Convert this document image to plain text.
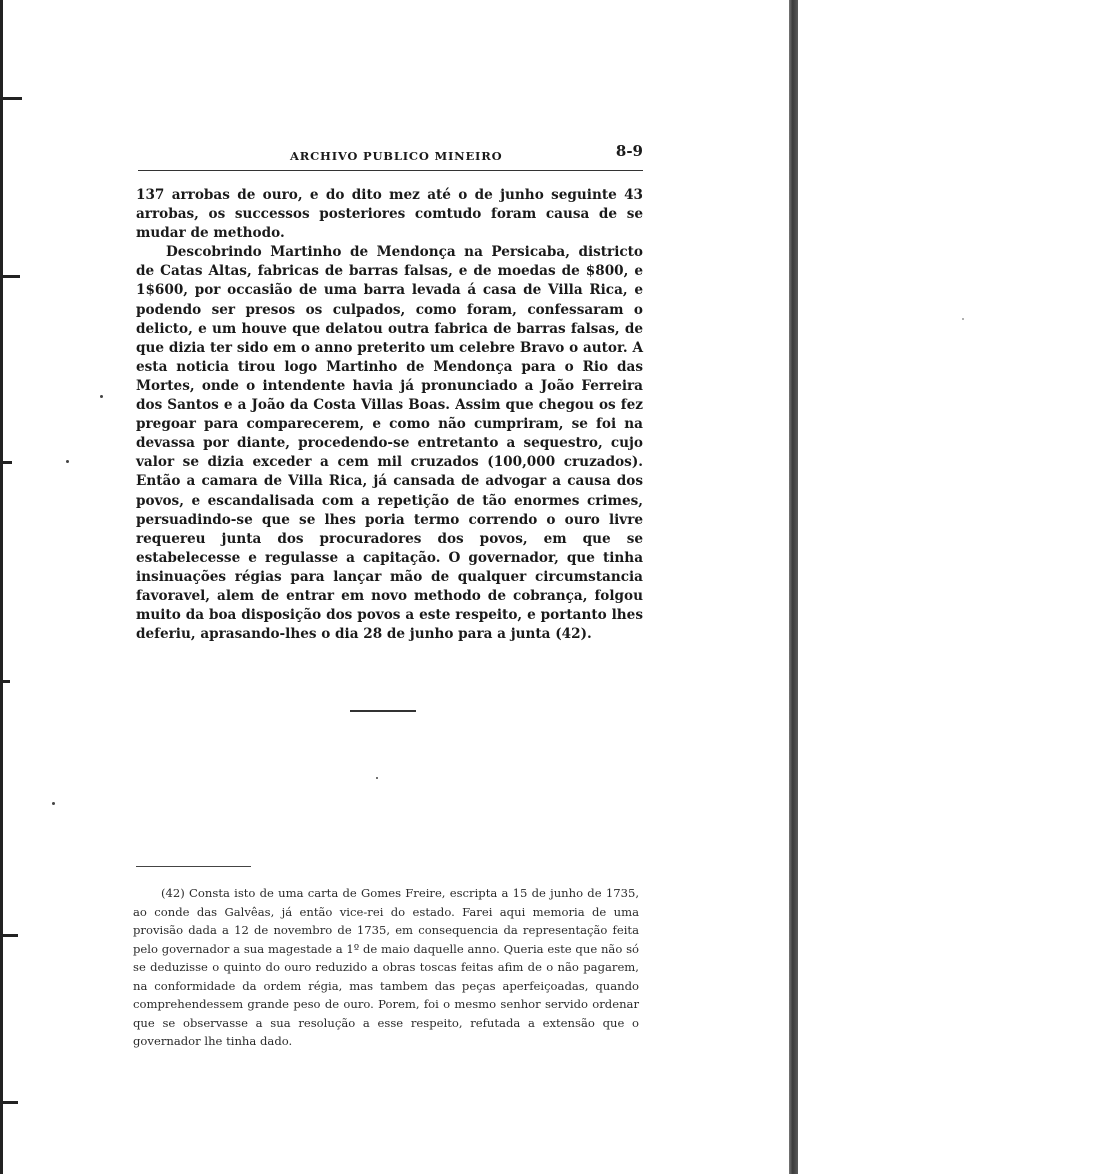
ARCHIVO PUBLICO MINEIRO	8-9

137 arrobas de ouro, e do dito mez até o de junho seguinte 43 arrobas, os successos posteriores comtudo foram causa de se mudar de methodo.

Descobrindo Martinho de Mendonça na Persicaba, districto de Catas Altas, fabricas de barras falsas, e de moedas de $800, e 1$600, por occasião de uma barra levada á casa de Villa Rica, e podendo ser presos os culpados, como foram, confessaram o delicto, e um houve que delatou outra fabrica de barras falsas, de que dizia ter sido em o anno preterito um celebre Bravo o autor. A esta noticia tirou logo Martinho de Mendonça para o Rio das Mortes, onde o intendente havia já pronunciado a João Ferreira dos Santos e a João da Costa Villas Boas. Assim que chegou os fez pregoar para comparecerem, e como não cumpriram, se foi na devassa por diante, procedendo-se entretanto a sequestro, cujo valor se dizia exceder a cem mil cruzados (100,000 cruzados). Então a camara de Villa Rica, já cansada de advogar a causa dos povos, e escandalisada com a repetição de tão enormes crimes, persuadindo-se que se lhes poria termo correndo o ouro livre requereu junta dos procuradores dos povos, em que se estabelecesse e regulasse a capitação. O governador, que tinha insinuações régias para lançar mão de qualquer circumstancia favoravel, alem de entrar em novo methodo de cobrança, folgou muito da boa disposição dos povos a este respeito, e portanto lhes deferiu, aprasando-lhes o dia 28 de junho para a junta (42).

(42) Consta isto de uma carta de Gomes Freire, escripta a 15 de junho de 1735, ao conde das Galvêas, já então vice-rei do estado. Farei aqui memoria de uma provisão dada a 12 de novembro de 1735, em consequencia da representação feita pelo governador a sua magestade a 1º de maio daquelle anno. Queria este que não só se deduzisse o quinto do ouro reduzido a obras toscas feitas afim de o não pagarem, na conformidade da ordem régia, mas tambem das peças aperfeiçoadas, quando comprehendessem grande peso de ouro. Porem, foi o mesmo senhor servido ordenar que se observasse a sua resolução a esse respeito, refutada a extensão que o governador lhe tinha dado.
